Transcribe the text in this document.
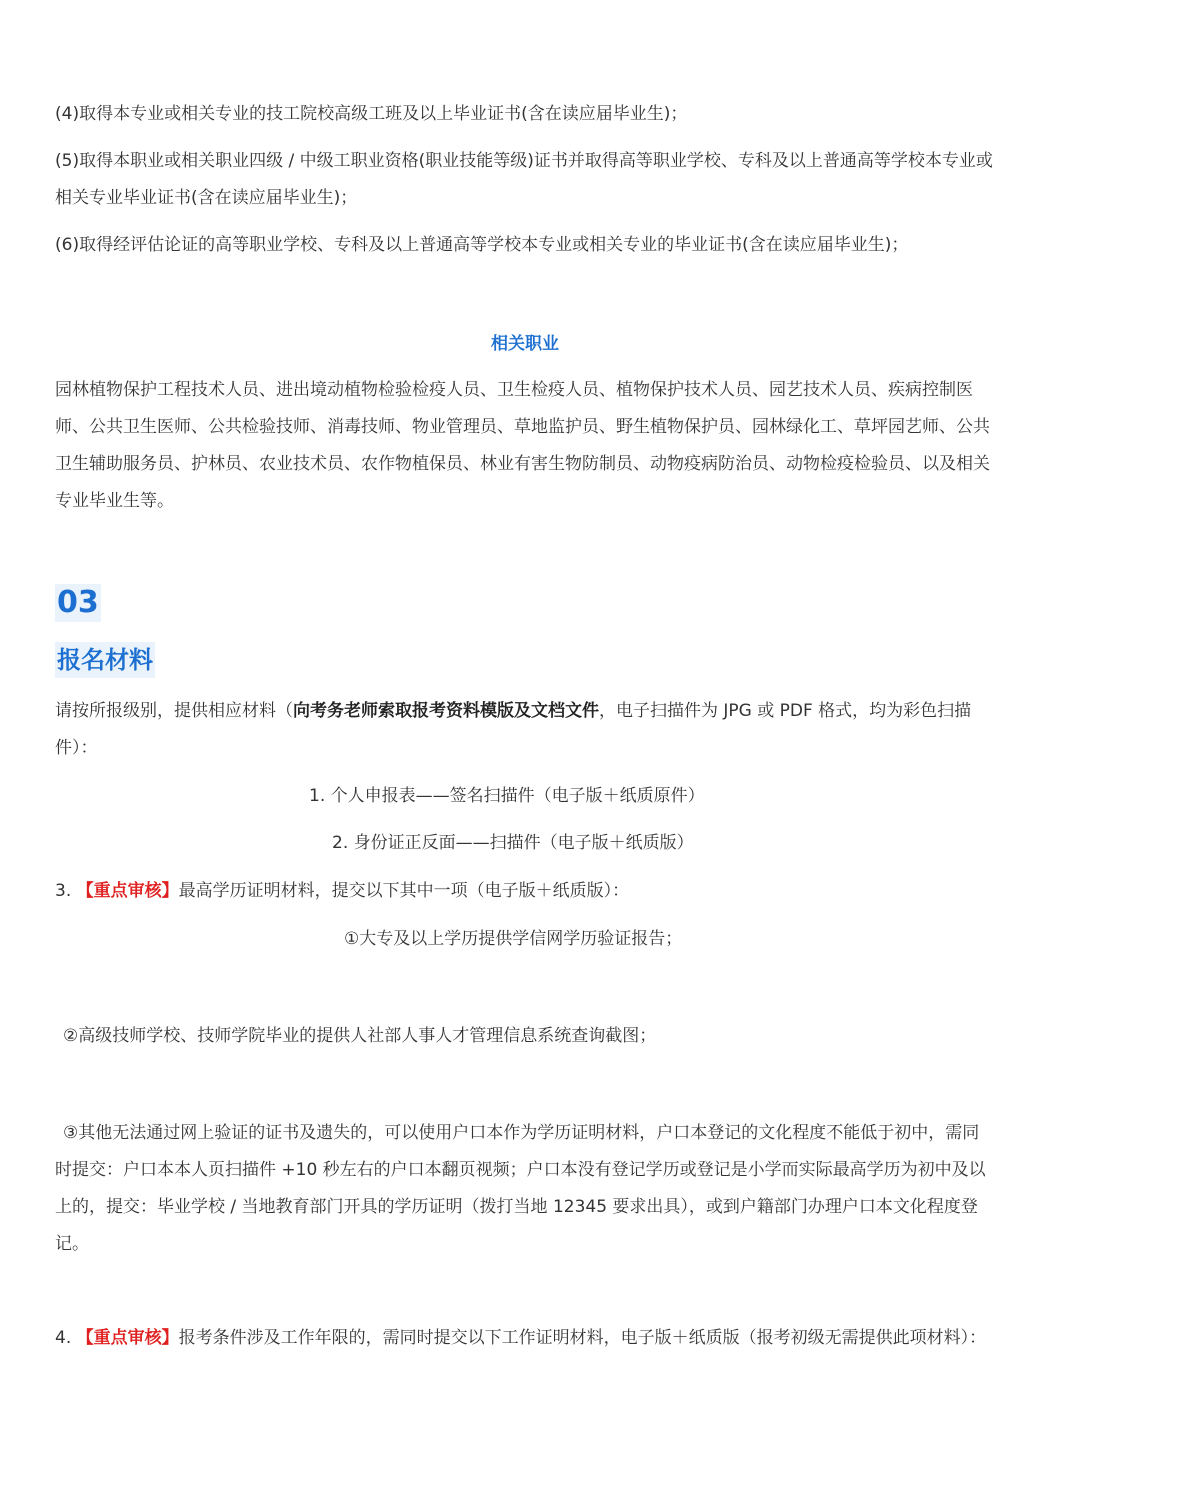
(4)取得本专业或相关专业的技工院校高级工班及以上毕业证书(含在读应届毕业生)；

(5)取得本职业或相关职业四级 / 中级工职业资格(职业技能等级)证书并取得高等职业学校、专科及以上普通高等学校本专业或相关专业毕业证书(含在读应届毕业生)；

(6)取得经评估论证的高等职业学校、专科及以上普通高等学校本专业或相关专业的毕业证书(含在读应届毕业生)；

相关职业

园林植物保护工程技术人员、进出境动植物检验检疫人员、卫生检疫人员、植物保护技术人员、园艺技术人员、疾病控制医师、公共卫生医师、公共检验技师、消毒技师、物业管理员、草地监护员、野生植物保护员、园林绿化工、草坪园艺师、公共卫生辅助服务员、护林员、农业技术员、农作物植保员、林业有害生物防制员、动物疫病防治员、动物检疫检验员、以及相关专业毕业生等。

03
报名材料

请按所报级别，提供相应材料（向考务老师索取报考资料模版及文档文件，电子扫描件为 JPG 或 PDF 格式，均为彩色扫描件）：

1. 个人申报表——签名扫描件（电子版＋纸质原件）

2. 身份证正反面——扫描件（电子版＋纸质版）

3. 【重点审核】最高学历证明材料，提交以下其中一项（电子版＋纸质版）：

①大专及以上学历提供学信网学历验证报告；

②高级技师学校、技师学院毕业的提供人社部人事人才管理信息系统查询截图；

③其他无法通过网上验证的证书及遗失的，可以使用户口本作为学历证明材料，户口本登记的文化程度不能低于初中，需同时提交：户口本本人页扫描件 +10 秒左右的户口本翻页视频；户口本没有登记学历或登记是小学而实际最高学历为初中及以上的，提交：毕业学校 / 当地教育部门开具的学历证明（拨打当地 12345 要求出具），或到户籍部门办理户口本文化程度登记。

4. 【重点审核】报考条件涉及工作年限的，需同时提交以下工作证明材料，电子版＋纸质版（报考初级无需提供此项材料）：
